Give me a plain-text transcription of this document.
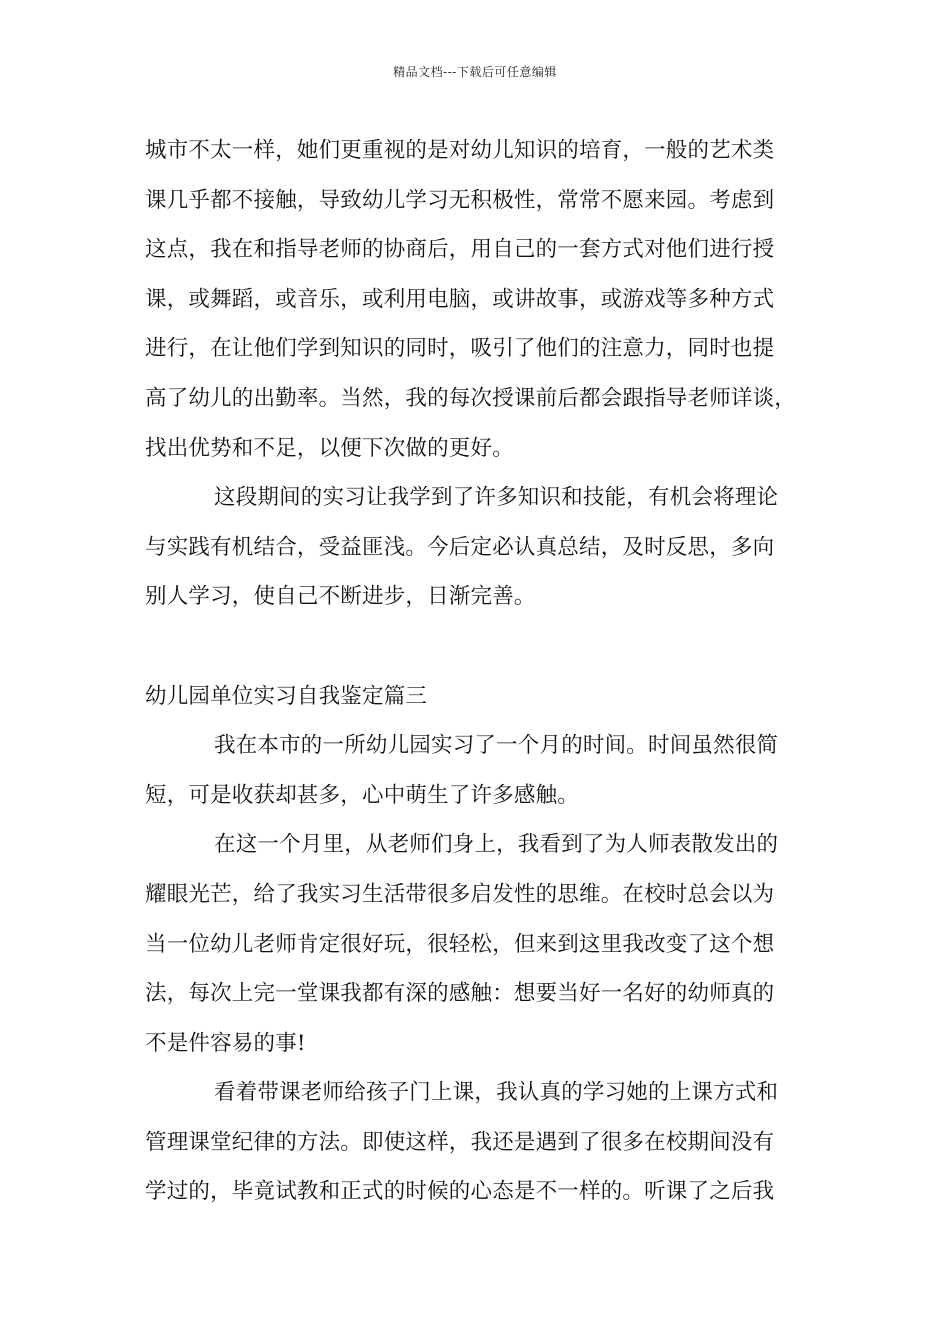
精品文档---下载后可任意编辑
城市不太一样，她们更重视的是对幼儿知识的培育，一般的艺术类
课几乎都不接触，导致幼儿学习无积极性，常常不愿来园。考虑到
这点，我在和指导老师的协商后，用自己的一套方式对他们进行授
课，或舞蹈，或音乐，或利用电脑，或讲故事，或游戏等多种方式
进行，在让他们学到知识的同时，吸引了他们的注意力，同时也提
高了幼儿的出勤率。当然，我的每次授课前后都会跟指导老师详谈，
找出优势和不足，以便下次做的更好。
这段期间的实习让我学到了许多知识和技能，有机会将理论
与实践有机结合，受益匪浅。今后定必认真总结，及时反思，多向
别人学习，使自己不断进步，日渐完善。
幼儿园单位实习自我鉴定篇三
我在本市的一所幼儿园实习了一个月的时间。时间虽然很简
短，可是收获却甚多，心中萌生了许多感触。
在这一个月里，从老师们身上，我看到了为人师表散发出的
耀眼光芒，给了我实习生活带很多启发性的思维。在校时总会以为
当一位幼儿老师肯定很好玩，很轻松，但来到这里我改变了这个想
法，每次上完一堂课我都有深的感触：想要当好一名好的幼师真的
不是件容易的事!
看着带课老师给孩子门上课，我认真的学习她的上课方式和
管理课堂纪律的方法。即使这样，我还是遇到了很多在校期间没有
学过的，毕竟试教和正式的时候的心态是不一样的。听课了之后我
